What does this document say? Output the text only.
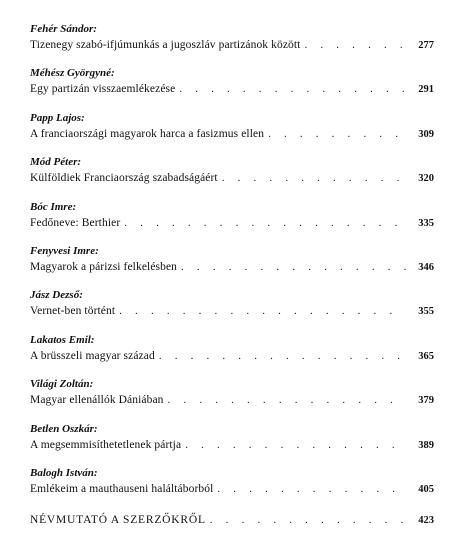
Fehér Sándor:
Tizenegy szabó-ifjúmunkás a jugoszláv partizánok között . . .	277
Méhész Györgyné:
Egy partizán visszaemlékezése . . .	291
Papp Lajos:
A franciaországi magyarok harca a fasizmus ellen . . .	309
Mód Péter:
Külföldiek Franciaország szabadságáért . . .	320
Bóc Imre:
Fedőneve: Berthier . . .	335
Fenyvesi Imre:
Magyarok a párizsi felkelésben . . .	346
Jász Dezső:
Vernet-ben történt . . .	355
Lakatos Emil:
A brüsszeli magyar század . . .	365
Világi Zoltán:
Magyar ellenállók Dániában . . .	379
Betlen Oszkár:
A megsemmisíthetetlenek pártja . . .	389
Balogh István:
Emlékeim a mauthauseni haláltáborból . . .	405
NÉVMUTATÓ A SZERZŐKRŐL . . .	423
